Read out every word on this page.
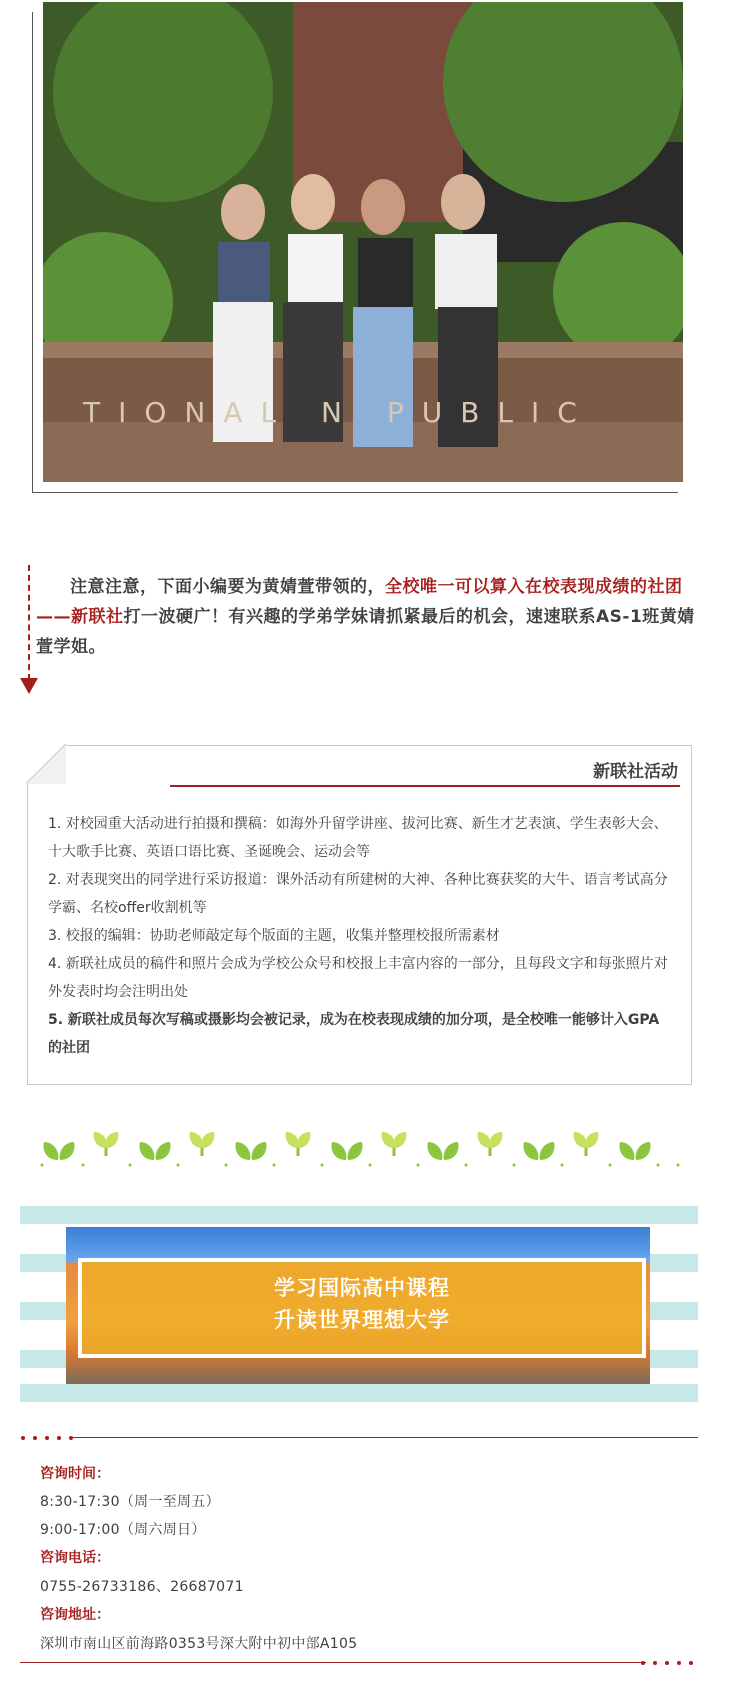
TIONAL N PUBLIC
注意注意，下面小编要为黄婧萱带领的，全校唯一可以算入在校表现成绩的社团——新联社打一波硬广！有兴趣的学弟学妹请抓紧最后的机会，速速联系AS-1班黄婧萱学姐。
新联社活动

1. 对校园重大活动进行拍摄和撰稿：如海外升留学讲座、拔河比赛、新生才艺表演、学生表彰大会、十大歌手比赛、英语口语比赛、圣诞晚会、运动会等

2. 对表现突出的同学进行采访报道：课外活动有所建树的大神、各种比赛获奖的大牛、语言考试高分学霸、名校offer收割机等

3. 校报的编辑：协助老师敲定每个版面的主题，收集并整理校报所需素材

4. 新联社成员的稿件和照片会成为学校公众号和校报上丰富内容的一部分，且每段文字和每张照片对外发表时均会注明出处

5. 新联社成员每次写稿或摄影均会被记录，成为在校表现成绩的加分项，是全校唯一能够计入GPA的社团

学习国际高中课程
升读世界理想大学
咨询时间：
8:30-17:30（周一至周五）
9:00-17:00（周六周日）
咨询电话：
0755-26733186、26687071
咨询地址：
深圳市南山区前海路0353号深大附中初中部A105
